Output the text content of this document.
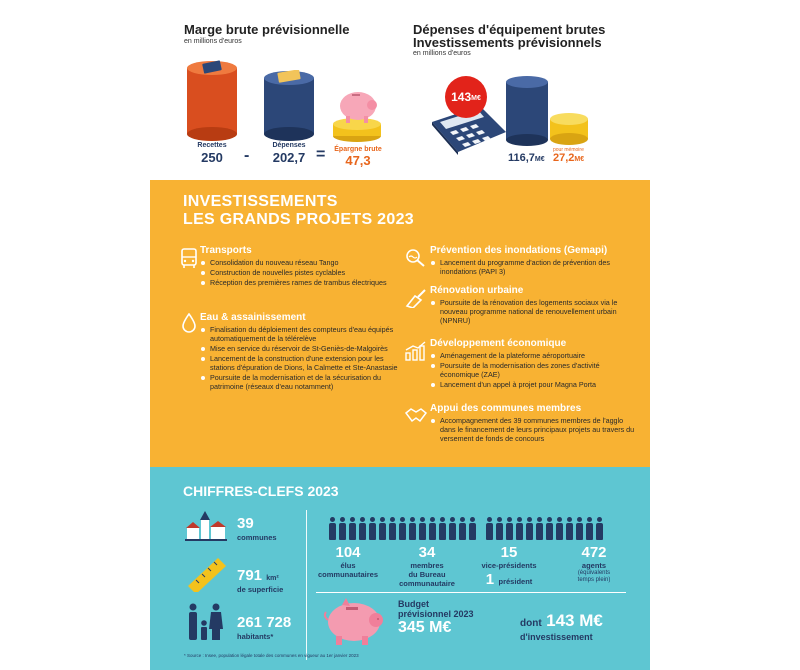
Marge brute prévisionnelle
en millions d'euros
Recettes
250	-
Dépenses
202,7 =	Épargne brute
47,3
Dépenses d'équipement brutes
Investissements prévisionnels
en millions d'euros
143 M€
116,7M€
pour mémoire
27,2M€
INVESTISSEMENTS
LES GRANDS PROJETS 2023
Transports
Consolidation du nouveau réseau Tango
Construction de nouvelles pistes cyclables
Réception des premières rames de trambus électriques
Eau & assainissement
Finalisation du déploiement des compteurs d'eau équipés automatiquement de la télérelève
Mise en service du réservoir de St-Geniès-de-Malgoirès
Lancement de la construction d'une extension pour les stations d'épuration de Dions, la Calmette et Ste-Anastasie
Poursuite de la modernisation et de la sécurisation du patrimoine (réseaux d'eau notamment)
Prévention des inondations (Gemapi)
Lancement du programme d'action de prévention des inondations (PAPI 3)
Rénovation urbaine
Poursuite de la rénovation des logements sociaux via le nouveau programme national de renouvellement urbain (NPNRU)
Développement économique
Aménagement de la plateforme aéroportuaire
Poursuite de la modernisation des zones d'activité économique (ZAE)
Lancement d'un appel à projet pour Magna Porta
Appui des communes membres
Accompagnement des 39 communes membres de l'agglo dans le financement de leurs principaux projets au travers du versement de fonds de concours
CHIFFRES-CLEFS 2023
39
communes
791 km²
de superficie
261 728
habitants*
104
élus
communautaires
34
membres
du Bureau
communautaire
15
vice-présidents
1 président
472
agents
(équivalents
temps plein)
Budget
prévisionnel 2023
345 M€	dont 143 M€
d'investissement
* Source : Insee, population légale totale des communes en vigueur au 1er janvier 2023
